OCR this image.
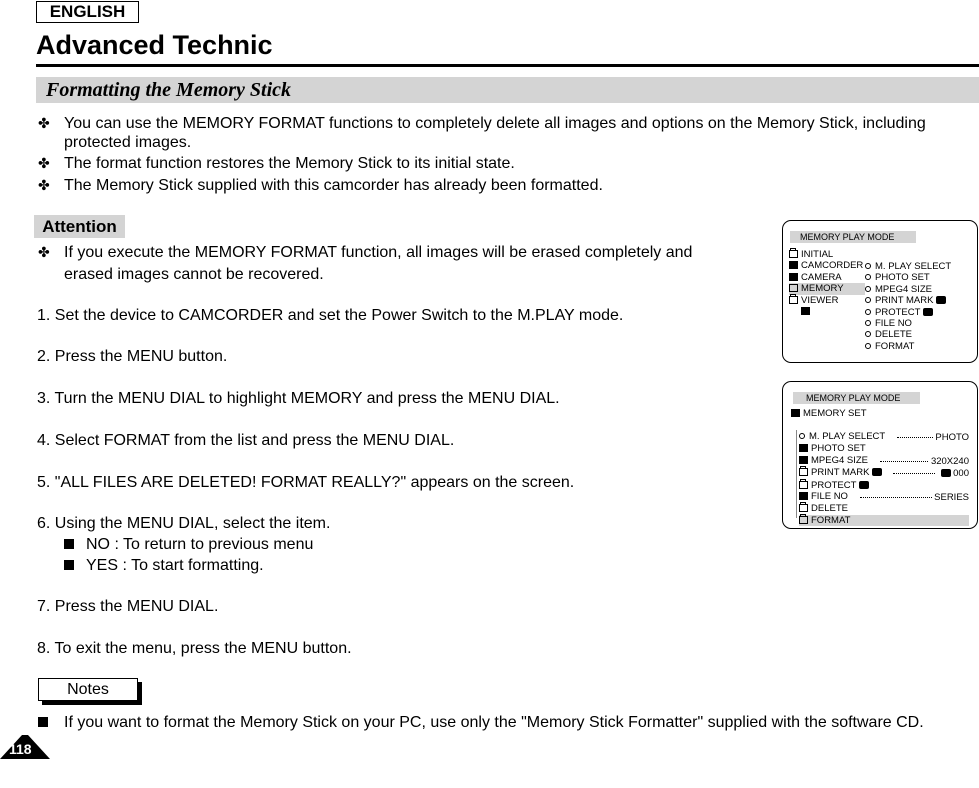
ENGLISH
Advanced Technic
Formatting the Memory Stick
✤ You can use the MEMORY FORMAT functions to completely delete all images and options on the Memory Stick, including
protected images.
✤ The format function restores the Memory Stick to its initial state.
✤ The Memory Stick supplied with this camcorder has already been formatted.
Attention
✤ If you execute the MEMORY FORMAT function, all images will be erased completely and
erased images cannot be recovered.
1. Set the device to CAMCORDER and set the Power Switch to the M.PLAY mode.
2. Press the MENU button.
3. Turn the MENU DIAL to highlight MEMORY and press the MENU DIAL.
4. Select FORMAT from the list and press the MENU DIAL.
5. "ALL FILES ARE DELETED! FORMAT REALLY?" appears on the screen.
6. Using the MENU DIAL, select the item.
NO : To return to previous menu
YES : To start formatting.
7. Press the MENU DIAL.
8. To exit the menu, press the MENU button.
Notes
If you want to format the Memory Stick on your PC, use only the "Memory Stick Formatter" supplied with the software CD.
118
MEMORY PLAY MODE
INITIAL
CAMCORDER
CAMERA
MEMORY
VIEWER
M. PLAY SELECT
PHOTO SET
MPEG4 SIZE
PRINT MARK
PROTECT
FILE NO
DELETE
FORMAT
MEMORY PLAY MODE
MEMORY SET
M. PLAY SELECT	PHOTO
PHOTO SET
MPEG4 SIZE	320X240
PRINT MARK	000
PROTECT
FILE NO	SERIES
DELETE
FORMAT
